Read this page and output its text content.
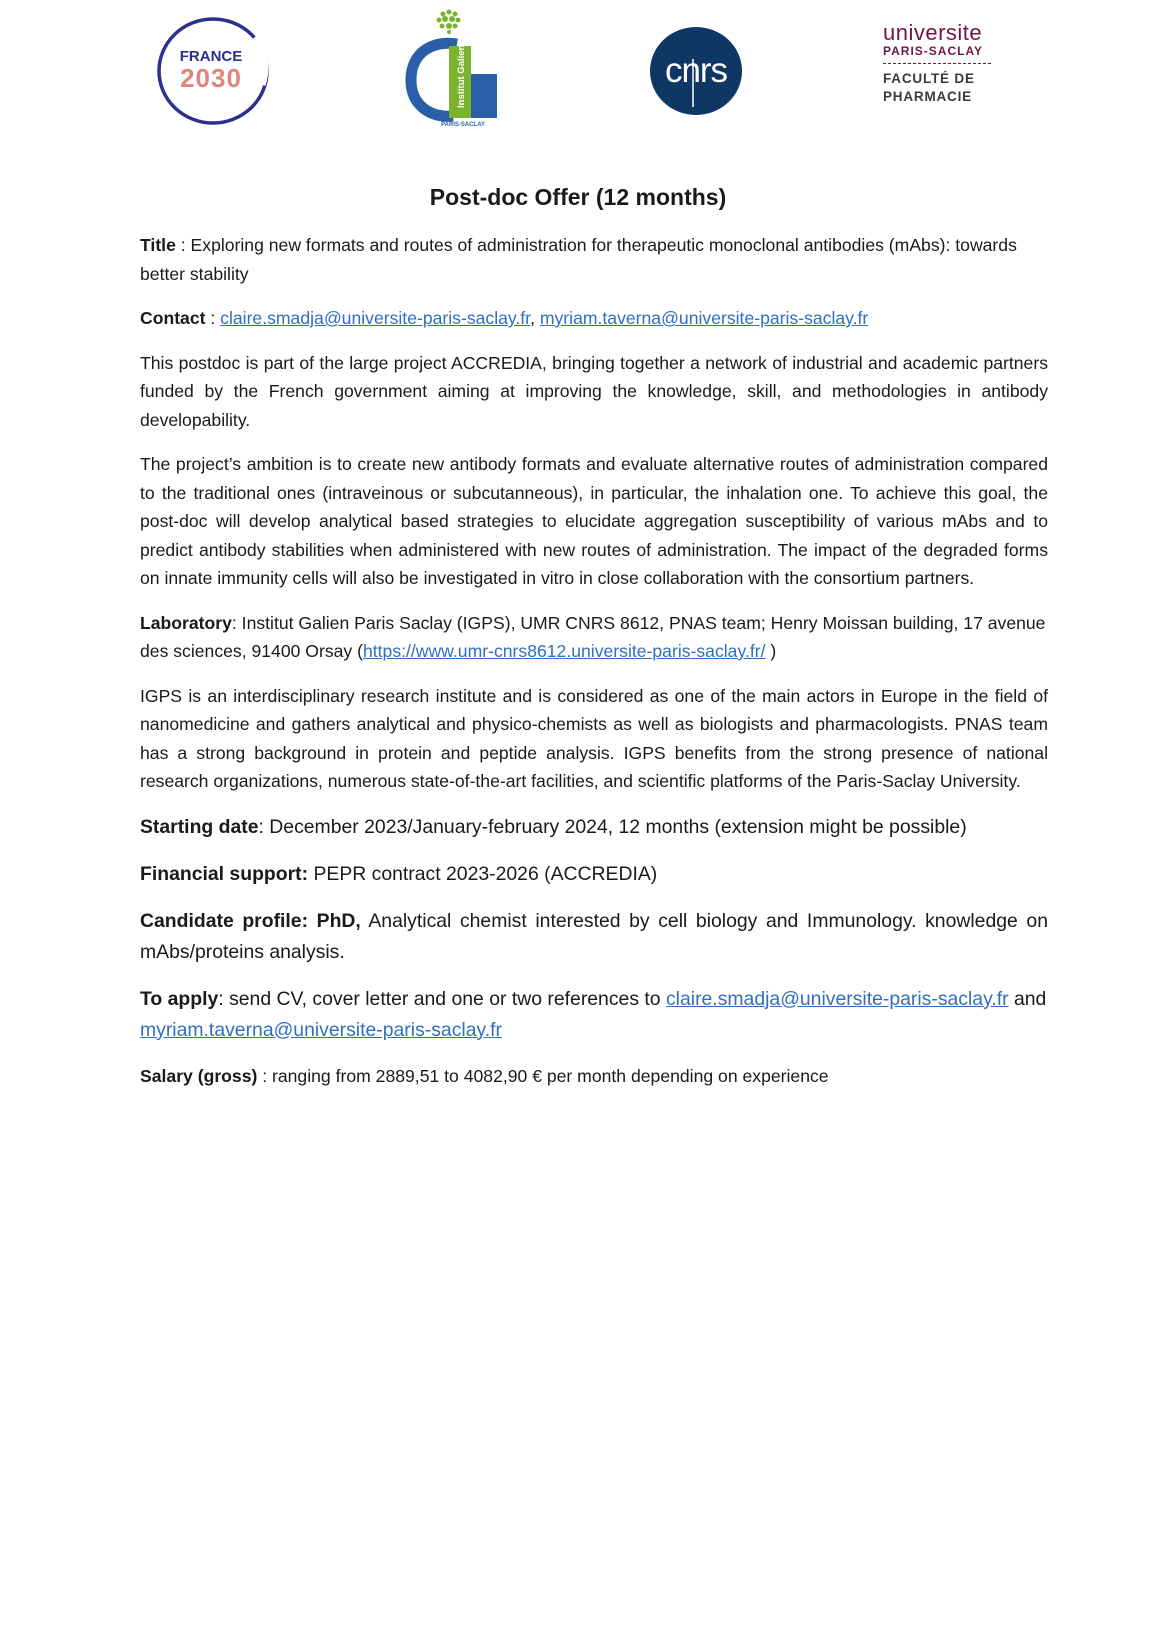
FRANCE
2030	Institut Galien
PARIS-SACLAY
cnrs
universite
PARIS-SACLAY
FACULTÉ DE
PHARMACIE
Post-doc Offer (12 months)

Title : Exploring new formats and routes of administration for therapeutic monoclonal antibodies (mAbs): towards better stability

Contact : claire.smadja@universite-paris-saclay.fr, myriam.taverna@universite-paris-saclay.fr

This postdoc is part of the large project ACCREDIA, bringing together a network of industrial and academic partners funded by the French government aiming at improving the knowledge, skill, and methodologies in antibody developability.

The project’s ambition is to create new antibody formats and evaluate alternative routes of administration compared to the traditional ones (intraveinous or subcutanneous), in particular, the inhalation one. To achieve this goal, the post-doc will develop analytical based strategies to elucidate aggregation susceptibility of various mAbs and to predict antibody stabilities when administered with new routes of administration. The impact of the degraded forms on innate immunity cells will also be investigated in vitro in close collaboration with the consortium partners.

Laboratory: Institut Galien Paris Saclay (IGPS), UMR CNRS 8612, PNAS team; Henry Moissan building, 17 avenue des sciences, 91400 Orsay (https://www.umr-cnrs8612.universite-paris-saclay.fr/ )

IGPS is an interdisciplinary research institute and is considered as one of the main actors in Europe in the field of nanomedicine and gathers analytical and physico-chemists as well as biologists and pharmacologists. PNAS team has a strong background in protein and peptide analysis. IGPS benefits from the strong presence of national research organizations, numerous state-of-the-art facilities, and scientific platforms of the Paris-Saclay University.

Starting date: December 2023/January-february 2024, 12 months (extension might be possible)

Financial support: PEPR contract 2023-2026 (ACCREDIA)

Candidate profile: PhD, Analytical chemist interested by cell biology and Immunology. knowledge on mAbs/proteins analysis.

To apply: send CV, cover letter and one or two references to claire.smadja@universite-paris-saclay.fr and myriam.taverna@universite-paris-saclay.fr

Salary (gross) : ranging from 2889,51 to 4082,90 € per month depending on experience
